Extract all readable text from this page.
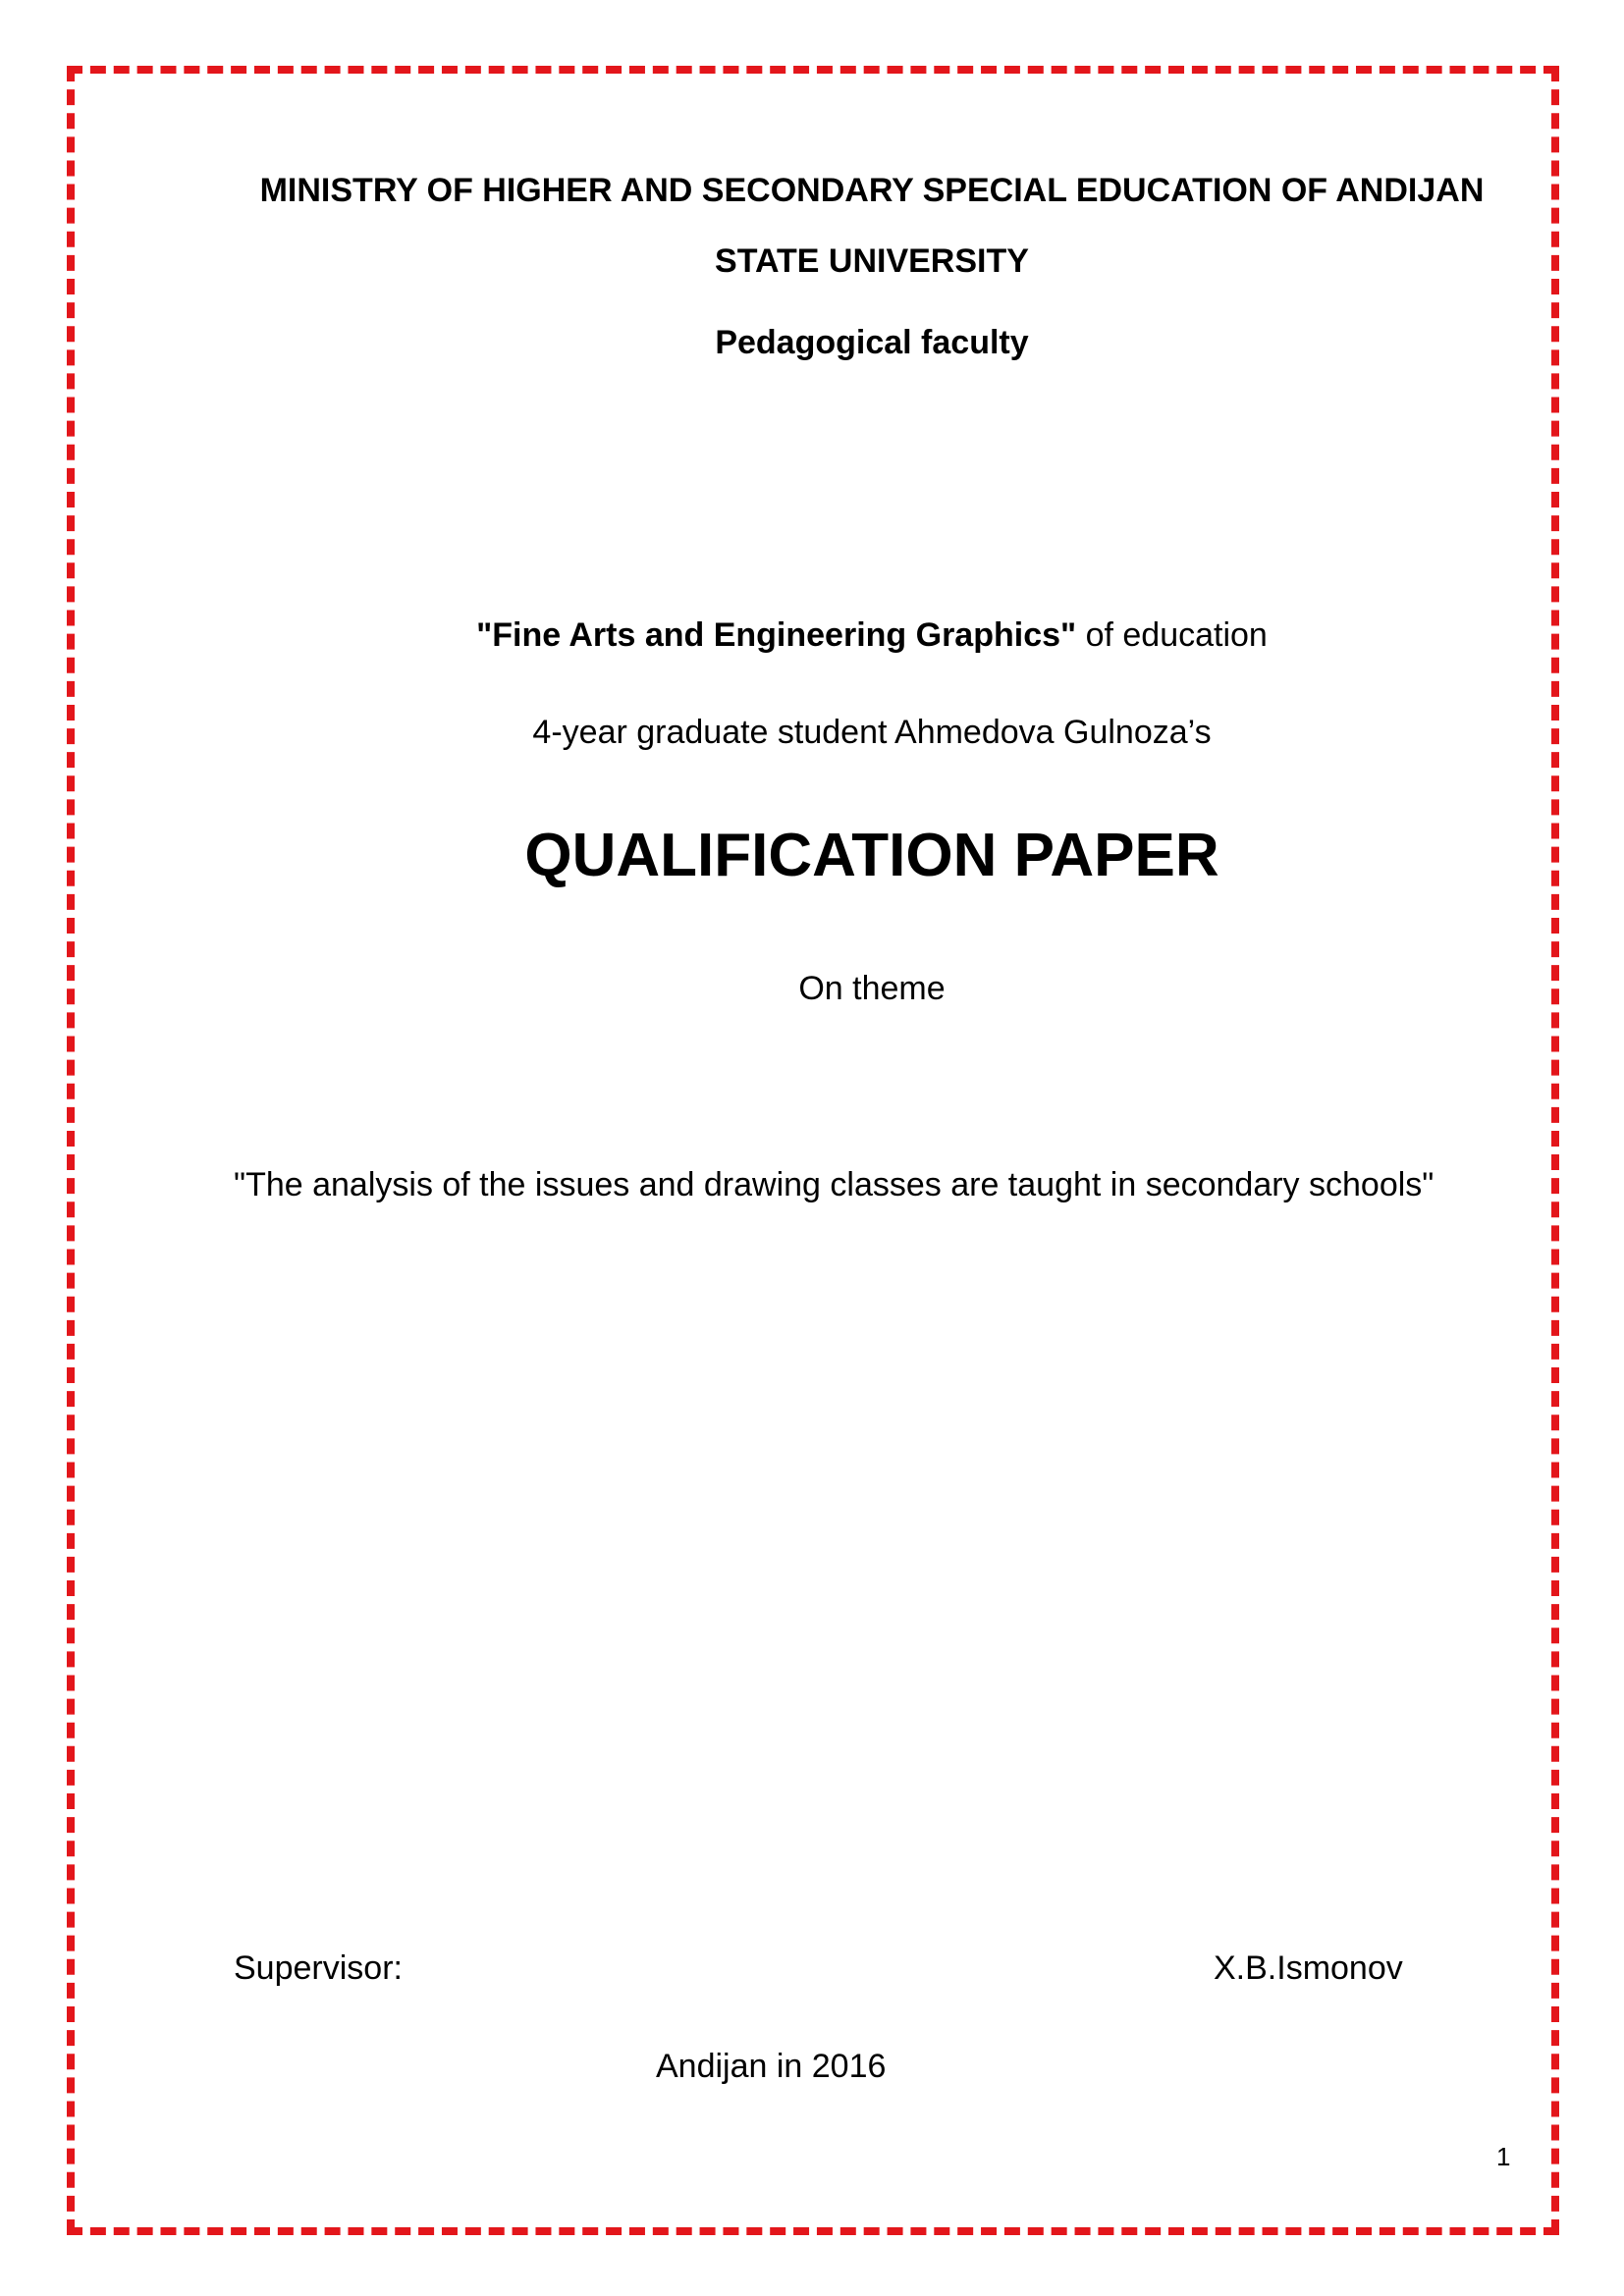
MINISTRY OF HIGHER AND SECONDARY SPECIAL EDUCATION OF ANDIJAN STATE UNIVERSITY
Pedagogical faculty
"Fine Arts and Engineering Graphics" of education
4-year graduate student Ahmedova Gulnoza’s
QUALIFICATION PAPER
On theme
"The analysis of the issues and drawing classes are taught in secondary schools"
Supervisor:	X.B.Ismonov
Andijan in 2016
1
